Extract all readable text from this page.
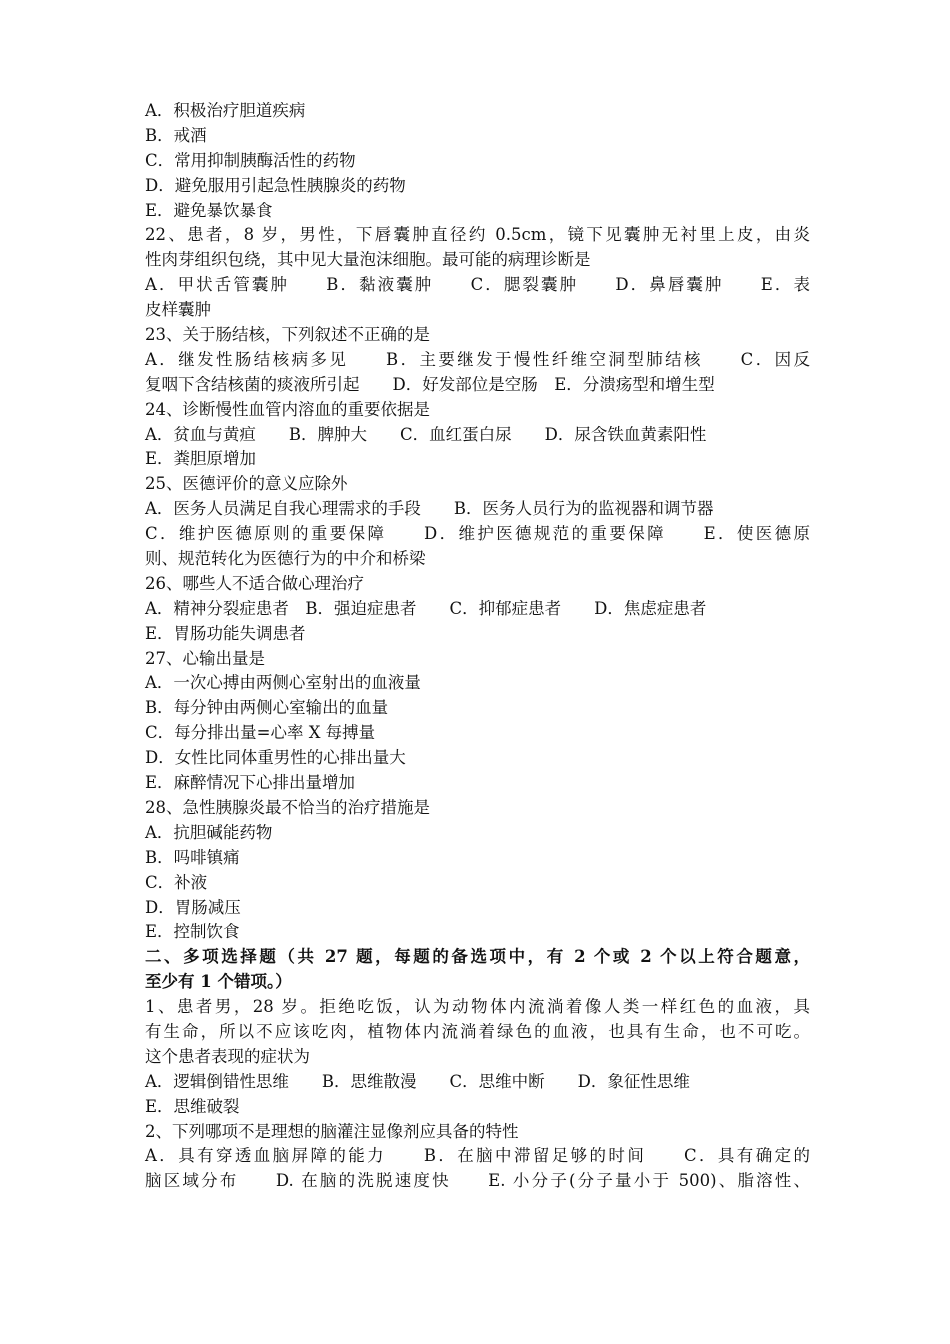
A．积极治疗胆道疾病
B．戒酒
C．常用抑制胰酶活性的药物
D．避免服用引起急性胰腺炎的药物
E．避免暴饮暴食
22、患者，8 岁，男性，下唇囊肿直径约 0.5cm，镜下见囊肿无衬里上皮，由炎
性肉芽组织包绕，其中见大量泡沫细胞。最可能的病理诊断是
A．甲状舌管囊肿　　B．黏液囊肿　　C．腮裂囊肿　　D．鼻唇囊肿　　E．表
皮样囊肿
23、关于肠结核，下列叙述不正确的是
A．继发性肠结核病多见　　B．主要继发于慢性纤维空洞型肺结核　　C．因反
复咽下含结核菌的痰液所引起　　D．好发部位是空肠　E．分溃疡型和增生型
24、诊断慢性血管内溶血的重要依据是
A．贫血与黄疸　　B．脾肿大　　C．血红蛋白尿　　D．尿含铁血黄素阳性
E．粪胆原增加
25、医德评价的意义应除外
A．医务人员满足自我心理需求的手段　　B．医务人员行为的监视器和调节器
C．维护医德原则的重要保障　　D．维护医德规范的重要保障　　E．使医德原
则、规范转化为医德行为的中介和桥梁
26、哪些人不适合做心理治疗
A．精神分裂症患者　B．强迫症患者　　C．抑郁症患者　　D．焦虑症患者
E．胃肠功能失调患者
27、心输出量是
A．一次心搏由两侧心室射出的血液量
B．每分钟由两侧心室输出的血量
C．每分排出量=心率 X 每搏量
D．女性比同体重男性的心排出量大
E．麻醉情况下心排出量增加
28、急性胰腺炎最不恰当的治疗措施是
A．抗胆碱能药物
B．吗啡镇痛
C．补液
D．胃肠减压
E．控制饮食
二、多项选择题（共 27 题，每题的备选项中，有 2 个或 2 个以上符合题意，
至少有 1 个错项。）
1、患者男，28 岁。拒绝吃饭，认为动物体内流淌着像人类一样红色的血液，具
有生命，所以不应该吃肉，植物体内流淌着绿色的血液，也具有生命，也不可吃。
这个患者表现的症状为
A．逻辑倒错性思维　　B．思维散漫　　C．思维中断　　D．象征性思维
E．思维破裂
2、下列哪项不是理想的脑灌注显像剂应具备的特性
A．具有穿透血脑屏障的能力　　B．在脑中滞留足够的时间　　C．具有确定的
脑区域分布　　D. 在脑的洗脱速度快　　E. 小分子(分子量小于 500)、脂溶性、
